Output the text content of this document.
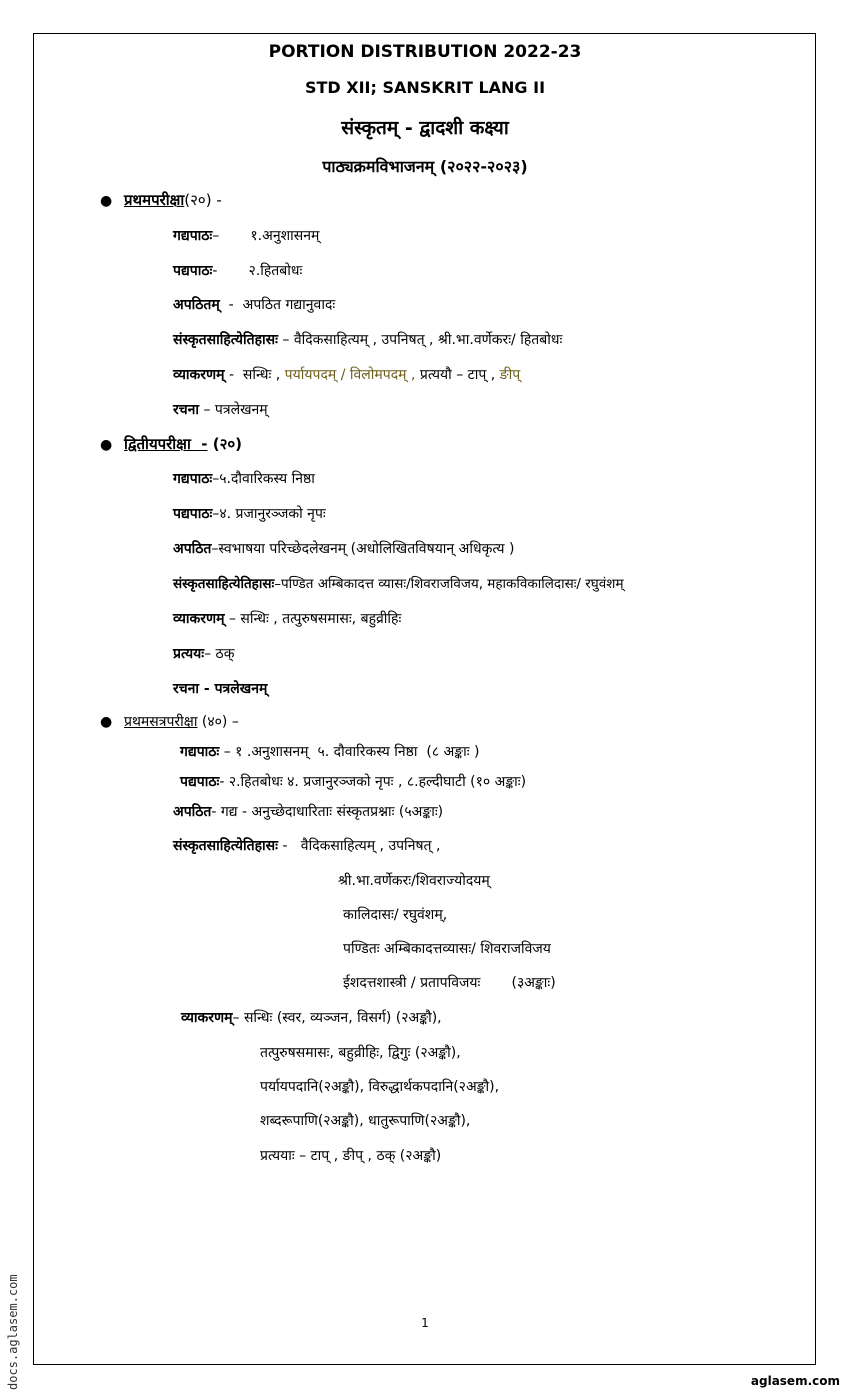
PORTION DISTRIBUTION 2022-23
STD XII; SANSKRIT LANG II
संस्कृतम् - द्वादशी कक्ष्या
पाठ्यक्रमविभाजनम् (२०२२-२०२३)
● प्रथमपरीक्षा(२०) -
गद्यपाठः–       १.अनुशासनम्
पद्यपाठः-       २.हितबोधः
अपठितम्  -  अपठित गद्यानुवादः
संस्कृतसाहित्येतिहासः – वैदिकसाहित्यम् , उपनिषत् , श्री.भा.वर्णेकरः/ हितबोधः
व्याकरणम् -  सन्धिः , पर्यायपदम् / विलोमपदम् , प्रत्ययौ – टाप् , ङीप्
रचना – पत्रलेखनम्
● द्वितीयपरीक्षा  - (२०)
गद्यपाठः–५.दौवारिकस्य निष्ठा
पद्यपाठः–४. प्रजानुरञ्जको नृपः
अपठित–स्वभाषया परिच्छेदलेखनम् (अधोलिखितविषयान् अधिकृत्य )
संस्कृतसाहित्येतिहासः–पण्डित अम्बिकादत्त व्यासः/शिवराजविजय, महाकविकालिदासः/ रघुवंशम्
व्याकरणम् – सन्धिः , तत्पुरुषसमासः, बहुव्रीहिः
प्रत्ययः– ठक्
रचना - पत्रलेखनम्
● प्रथमसत्रपरीक्षा (४०) –
गद्यपाठः – १ .अनुशासनम्  ५. दौवारिकस्य निष्ठा  (८ अङ्काः )
पद्यपाठः- २.हितबोधः ४. प्रजानुरञ्जको नृपः , ८.हल्दीघाटी (१० अङ्काः)
अपठित- गद्य - अनुच्छेदाधारिताः संस्कृतप्रश्नाः (५अङ्काः)
संस्कृतसाहित्येतिहासः -   वैदिकसाहित्यम् , उपनिषत् ,
श्री.भा.वर्णेकरः/शिवराज्योदयम्
कालिदासः/ रघुवंशम्,
पण्डितः अम्बिकादत्तव्यासः/ शिवराजविजय
ईशदत्तशास्त्री / प्रतापविजयः       (३अङ्काः)
व्याकरणम्– सन्धिः (स्वर, व्यञ्जन, विसर्ग) (२अङ्कौ),
तत्पुरुषसमासः, बहुव्रीहिः, द्विगुः (२अङ्कौ),
पर्यायपदानि(२अङ्कौ), विरुद्धार्थकपदानि(२अङ्कौ),
शब्दरूपाणि(२अङ्कौ), धातुरूपाणि(२अङ्कौ),
प्रत्ययाः – टाप् , ङीप् , ठक् (२अङ्कौ)
1
docs.aglasem.com	aglasem.com
